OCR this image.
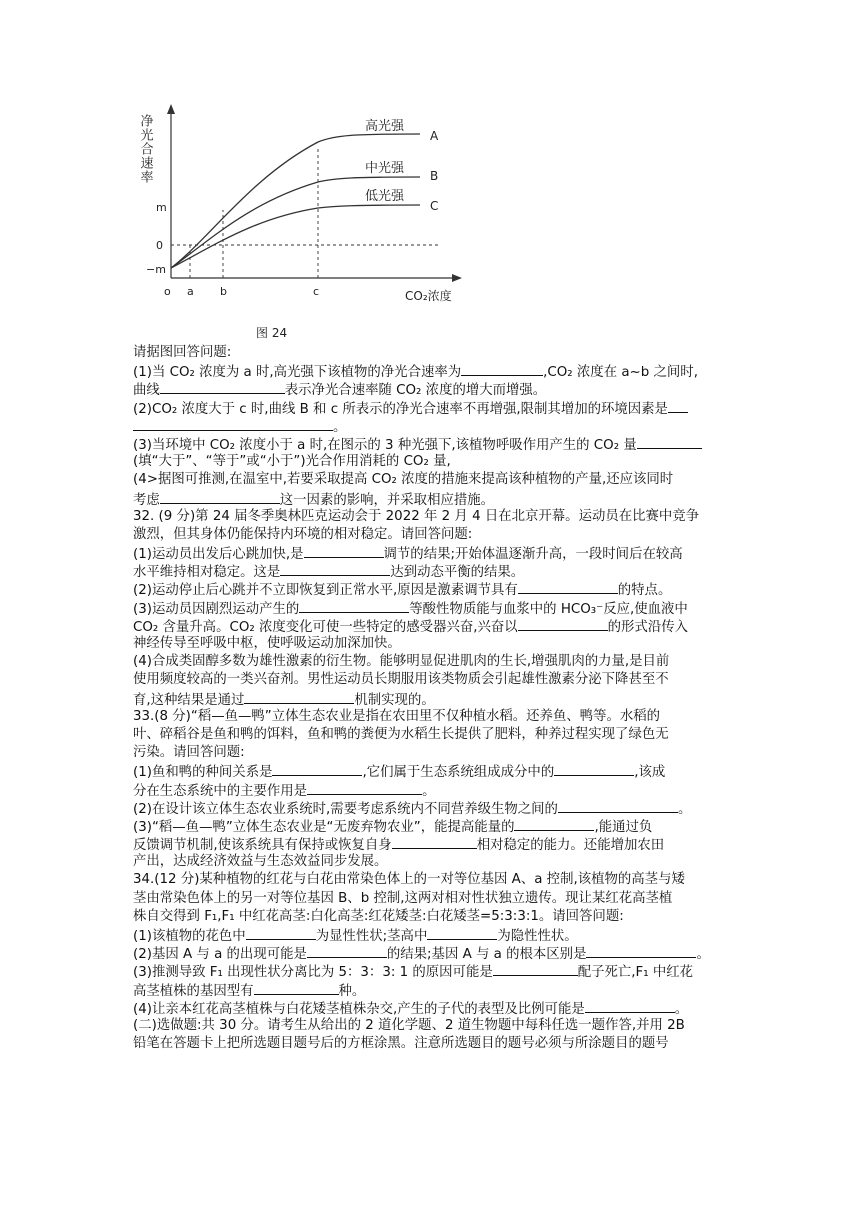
净光合速率
m
0
−m
o a b	c	CO₂浓度
高光强
A
中光强 B
低光强
C
图 24
请据图回答问题:
(1)当 CO₂ 浓度为 a 时,高光强下该植物的净光合速率为	,CO₂ 浓度在 a~b 之间时,
曲线	表示净光合速率随 CO₂ 浓度的增大而增强。
(2)CO₂ 浓度大于 c 时,曲线 B 和 c 所表示的净光合速率不再增强,限制其增加的环境因素是
。
(3)当环境中 CO₂ 浓度小于 a 时,在图示的 3 种光强下,该植物呼吸作用产生的 CO₂ 量
(填“大于”、“等于”或“小于”)光合作用消耗的 CO₂ 量,
(4>据图可推测,在温室中,若要采取提高 CO₂ 浓度的措施来提高该种植物的产量,还应该同时
考虑	这一因素的影响，并采取相应措施。
32. (9 分)第 24 届冬季奥林匹克运动会于 2022 年 2 月 4 日在北京开幕。运动员在比赛中竞争
激烈，但其身体仍能保持内环境的相对稳定。请回答问题:
(1)运动员出发后心跳加快,是	调节的结果;开始体温逐渐升高，一段时间后在较高
水平维持相对稳定。这是	达到动态平衡的结果。
(2)运动停止后心跳并不立即恢复到正常水平,原因是激素调节具有	的特点。
(3)运动员因剧烈运动产生的	等酸性物质能与血浆中的 HCO₃⁻反应,使血液中
CO₂ 含量升高。CO₂ 浓度变化可使一些特定的感受器兴奋,兴奋以	的形式沿传入
神经传导至呼吸中枢，使呼吸运动加深加快。
(4)合成类固醇多数为雄性激素的衍生物。能够明显促进肌肉的生长,增强肌肉的力量,是目前
使用频度较高的一类兴奋剂。男性运动员长期服用该类物质会引起雄性激素分泌下降甚至不
育,这种结果是通过	机制实现的。
33.(8 分)“稻—鱼—鸭”立体生态农业是指在农田里不仅种植水稻。还养鱼、鸭等。水稻的
叶、碎稻谷是鱼和鸭的饵料，鱼和鸭的粪便为水稻生长提供了肥料，种养过程实现了绿色无
污染。请回答问题:
(1)鱼和鸭的种间关系是	,它们属于生态系统组成成分中的	,该成
分在生态系统中的主要作用是	。
(2)在设计该立体生态农业系统时,需要考虑系统内不同营养级生物之间的	。
(3)“稻—鱼—鸭”立体生态农业是“无废弃物农业”，能提高能量的	,能通过负
反馈调节机制,使该系统具有保持或恢复自身	相对稳定的能力。还能增加农田
产出，达成经济效益与生态效益同步发展。
34.(12 分)某种植物的红花与白花由常染色体上的一对等位基因 A、a 控制,该植物的高茎与矮
茎由常染色体上的另一对等位基因 B、b 控制,这两对相对性状独立遗传。现让某红花高茎植
株自交得到 F₁,F₁ 中红花高茎:白化高茎:红花矮茎:白花矮茎=5:3:3:1。请回答问题:
(1)该植物的花色中	为显性性状;茎高中	为隐性性状。
(2)基因 A 与 a 的出现可能是	的结果;基因 A 与 a 的根本区别是	。
(3)推测导致 F₁ 出现性状分离比为 5：3：3: 1 的原因可能是	配子死亡,F₁ 中红花
高茎植株的基因型有	种。
(4)让亲本红花高茎植株与白花矮茎植株杂交,产生的子代的表型及比例可能是	。
(二)选做题:共 30 分。请考生从给出的 2 道化学题、2 道生物题中每科任选一题作答,并用 2B
铅笔在答题卡上把所选题目题号后的方框涂黑。注意所选题目的题号必须与所涂题目的题号
